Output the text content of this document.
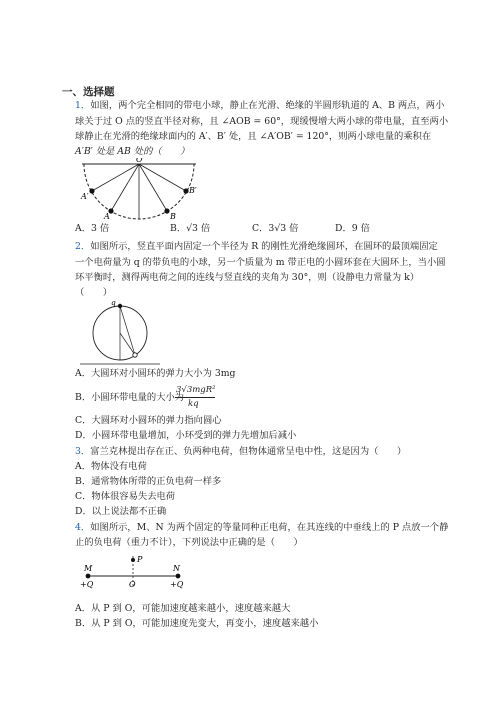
一、选择题
1．如图，两个完全相同的带电小球，静止在光滑、绝缘的半圆形轨道的 A、B 两点，两小
球关于过 O 点的竖直半径对称，且 ∠AOB = 60°，现缓慢增大两小球的带电量，直至两小
球静止在光滑的绝缘球面内的 A′、B′ 处，且 ∠A′OB′ = 120°，则两小球电量的乘积在
A′B′ 处是 AB 处的（　　）
O
A	B
A′
B′
A．3 倍	B．√3 倍	C．3√3 倍	D．9 倍
2．如图所示，竖直平面内固定一个半径为 R 的刚性光滑绝缘圆环，在圆环的最顶端固定
一个电荷量为 q 的带负电的小球，另一个质量为 m 带正电的小圆环套在大圆环上，当小圆
环平衡时，测得两电荷之间的连线与竖直线的夹角为 30°，则（设静电力常量为 k）
（　　）
q
A．大圆环对小圆环的弹力大小为 3mg
B．小圆环带电量的大小为
3√3mgR²
kq
C．大圆环对小圆环的弹力指向圆心
D．小圆环带电量增加，小环受到的弹力先增加后减小
3．富兰克林提出存在正、负两种电荷，但物体通常呈电中性，这是因为（　　）
A．物体没有电荷
B．通常物体所带的正负电荷一样多
C．物体很容易失去电荷
D．以上说法都不正确
4．如图所示，M、N 为两个固定的等量同种正电荷，在其连线的中垂线上的 P 点放一个静
止的负电荷（重力不计），下列说法中正确的是（　　）
M	N
P
O
+Q	+Q
A．从 P 到 O，可能加速度越来越小，速度越来越大
B．从 P 到 O，可能加速度先变大，再变小，速度越来越小
